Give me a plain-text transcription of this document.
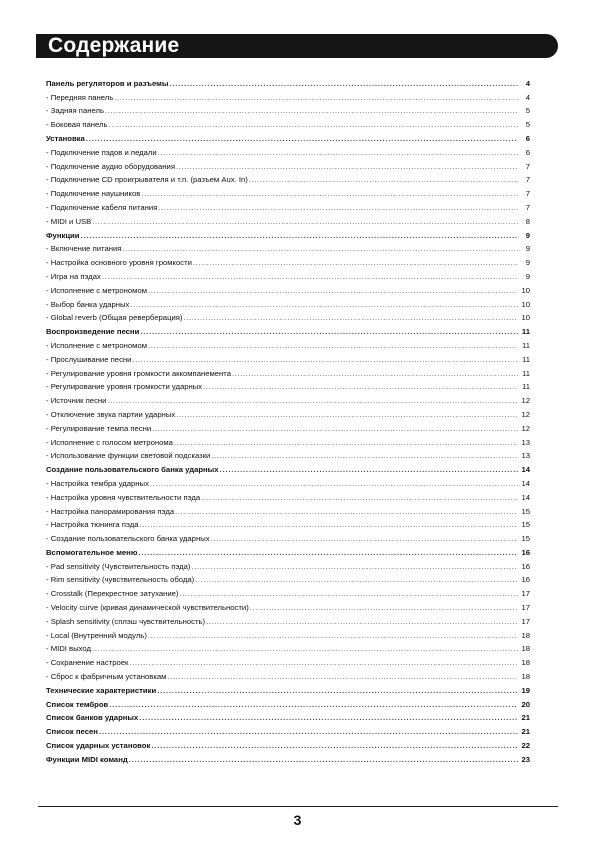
Содержание
Панель регуляторов и разъемы .....	4
- Передняя панель .....	4
- Задняя панель .....	5
- Боковая панель .....	5
Установка .....	6
- Подключение пэдов и педали .....	6
- Подключение аудио оборудования .....	7
- Подключение CD проигрывателя и т.п. (разъем Aux. In) .....	7
- Подключение наушников .....	7
- Подключение кабеля питания .....	7
- MIDI и USB .....	8
Функции .....	9
- Включение питания .....	9
- Настройка основного уровня громкости .....	9
- Игра на пэдах .....	9
- Исполнение с метрономом .....	10
- Выбор банка ударных .....	10
- Global reverb (Общая реверберация) .....	10
Воспроизведение песни .....	11
- Исполнение с метрономом .....	11
- Прослушивание песни .....	11
- Регулирование уровня громкости аккомпанемента .....	11
- Регулирование уровня громкости ударных .....	11
- Источник песни .....	12
- Отключение звука партии ударных .....	12
- Регулирование темпа песни .....	12
- Исполнение с голосом метронома .....	13
- Использование функции световой подсказки .....	13
Создание пользовательского банка ударных .....	14
- Настройка тембра ударных .....	14
- Настройка уровня чувствительности пэда .....	14
- Настройка панорамирования пэда .....	15
- Настройка тюнинга пэда .....	15
- Создание пользовательского банка ударных .....	15
Вспомогательное меню .....	16
- Pad sensitivity (Чувствительность пэда) .....	16
- Rim sensitivity (чувствительность обода) .....	16
- Crosstalk (Перекрестное затухание) .....	17
- Velocity curve (кривая динамической чувствительности) .....	17
- Splash sensitivity (сплэш чувствительность) .....	17
- Local (Внутренний модуль) .....	18
- MIDI выход .....	18
- Сохранение настроек .....	18
- Сброс к фабричным установкам .....	18
Технические характеристики .....	19
Список тембров .....	20
Список банков ударных .....	21
Список песен .....	21
Список ударных установок .....	22
Функции MIDI команд .....	23
3
